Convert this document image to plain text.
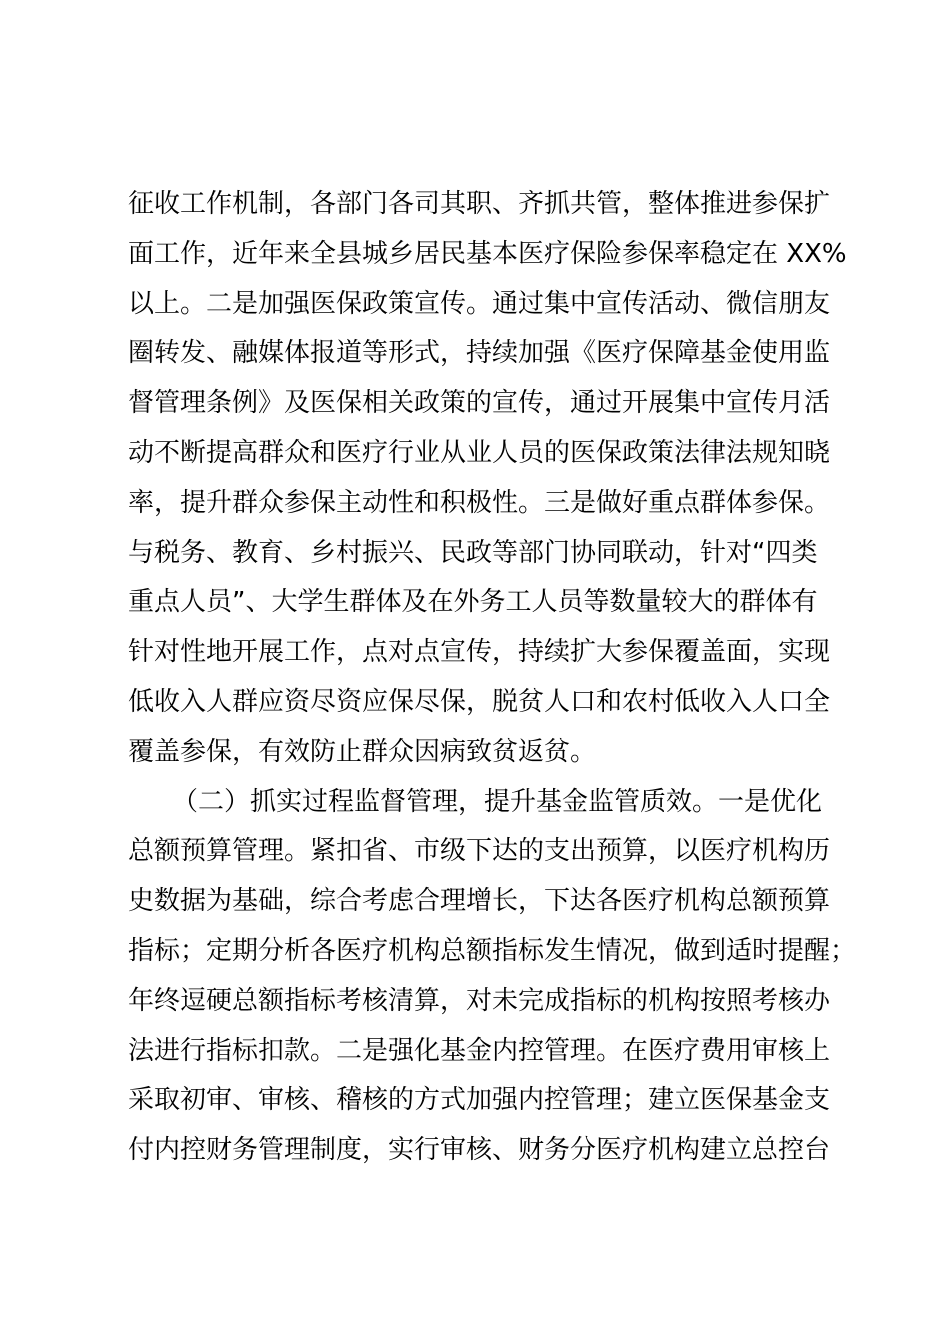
征收工作机制，各部门各司其职、齐抓共管，整体推进参保扩
面工作，近年来全县城乡居民基本医疗保险参保率稳定在 XX%
以上。二是加强医保政策宣传。通过集中宣传活动、微信朋友
圈转发、融媒体报道等形式，持续加强《医疗保障基金使用监
督管理条例》及医保相关政策的宣传，通过开展集中宣传月活
动不断提高群众和医疗行业从业人员的医保政策法律法规知晓
率，提升群众参保主动性和积极性。三是做好重点群体参保。
与税务、教育、乡村振兴、民政等部门协同联动，针对“四类
重点人员”、大学生群体及在外务工人员等数量较大的群体有
针对性地开展工作，点对点宣传，持续扩大参保覆盖面，实现
低收入人群应资尽资应保尽保，脱贫人口和农村低收入人口全
覆盖参保，有效防止群众因病致贫返贫。
（二）抓实过程监督管理，提升基金监管质效。一是优化
总额预算管理。紧扣省、市级下达的支出预算，以医疗机构历
史数据为基础，综合考虑合理增长，下达各医疗机构总额预算
指标；定期分析各医疗机构总额指标发生情况，做到适时提醒；
年终逗硬总额指标考核清算，对未完成指标的机构按照考核办
法进行指标扣款。二是强化基金内控管理。在医疗费用审核上
采取初审、审核、稽核的方式加强内控管理；建立医保基金支
付内控财务管理制度，实行审核、财务分医疗机构建立总控台
